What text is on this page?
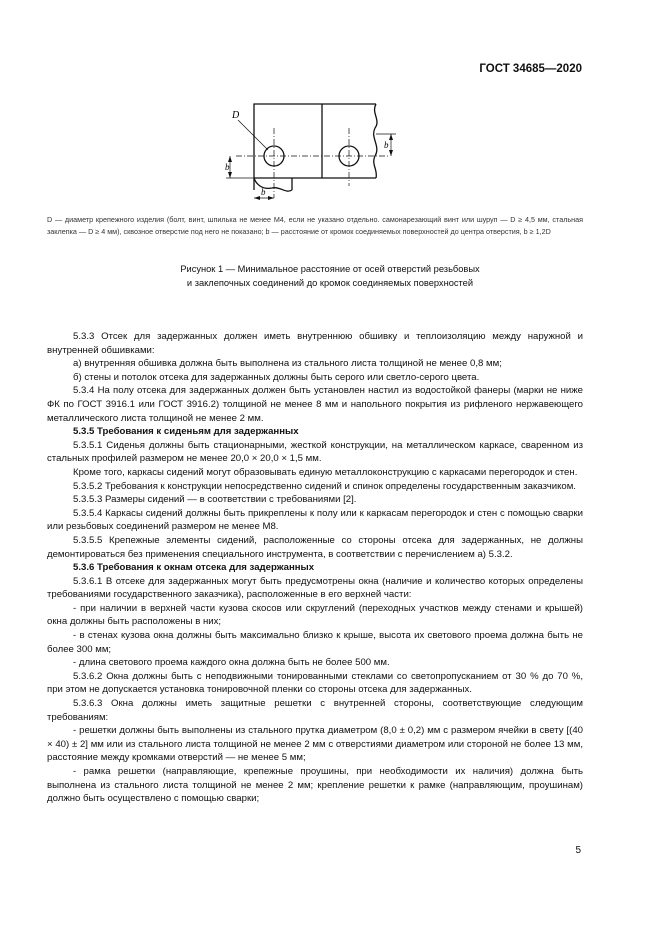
ГОСТ 34685—2020
D
b
b
b
D — диаметр крепежного изделия (болт, винт, шпилька не менее М4, если не указано отдельно. самонарезающий винт или шуруп — D ≥ 4,5 мм, стальная заклепка — D ≥ 4 мм), сквозное отверстие под него не показано; b — расстояние от кромок соединяемых поверхностей до центра отверстия, b ≥ 1,2D
Рисунок 1 — Минимальное расстояние от осей отверстий резьбовых
и заклепочных соединений до кромок соединяемых поверхностей

5.3.3 Отсек для задержанных должен иметь внутреннюю обшивку и теплоизоляцию между наружной и внутренней обшивками:

а) внутренняя обшивка должна быть выполнена из стального листа толщиной не менее 0,8 мм;

б) стены и потолок отсека для задержанных должны быть серого или светло-серого цвета.

5.3.4 На полу отсека для задержанных должен быть установлен настил из водостойкой фанеры (марки не ниже ФК по ГОСТ 3916.1 или ГОСТ 3916.2) толщиной не менее 8 мм и напольного покрытия из рифленого нержавеющего металлического листа толщиной не менее 2 мм.

5.3.5 Требования к сиденьям для задержанных

5.3.5.1 Сиденья должны быть стационарными, жесткой конструкции, на металлическом каркасе, сваренном из стальных профилей размером не менее 20,0 × 20,0 × 1,5 мм.

Кроме того, каркасы сидений могут образовывать единую металлоконструкцию с каркасами перегородок и стен.

5.3.5.2 Требования к конструкции непосредственно сидений и спинок определены государственным заказчиком.

5.3.5.3 Размеры сидений — в соответствии с требованиями [2].

5.3.5.4 Каркасы сидений должны быть прикреплены к полу или к каркасам перегородок и стен с помощью сварки или резьбовых соединений размером не менее М8.

5.3.5.5 Крепежные элементы сидений, расположенные со стороны отсека для задержанных, не должны демонтироваться без применения специального инструмента, в соответствии с перечислением а) 5.3.2.

5.3.6 Требования к окнам отсека для задержанных

5.3.6.1 В отсеке для задержанных могут быть предусмотрены окна (наличие и количество которых определены требованиями государственного заказчика), расположенные в его верхней части:

- при наличии в верхней части кузова скосов или скруглений (переходных участков между стенами и крышей) окна должны быть расположены в них;

- в стенах кузова окна должны быть максимально близко к крыше, высота их светового проема должна быть не более 300 мм;

- длина светового проема каждого окна должна быть не более 500 мм.

5.3.6.2 Окна должны быть с неподвижными тонированными стеклами со светопропусканием от 30 % до 70 %, при этом не допускается установка тонировочной пленки со стороны отсека для задержанных.

5.3.6.3 Окна должны иметь защитные решетки с внутренней стороны, соответствующие следующим требованиям:

- решетки должны быть выполнены из стального прутка диаметром (8,0 ± 0,2) мм с размером ячейки в свету [(40 × 40) ± 2] мм или из стального листа толщиной не менее 2 мм с отверстиями диаметром или стороной не более 13 мм, расстояние между кромками отверстий — не менее 5 мм;

- рамка решетки (направляющие, крепежные проушины, при необходимости их наличия) должна быть выполнена из стального листа толщиной не менее 2 мм; крепление решетки к рамке (направляющим, проушинам) должно быть осуществлено с помощью сварки;

5
